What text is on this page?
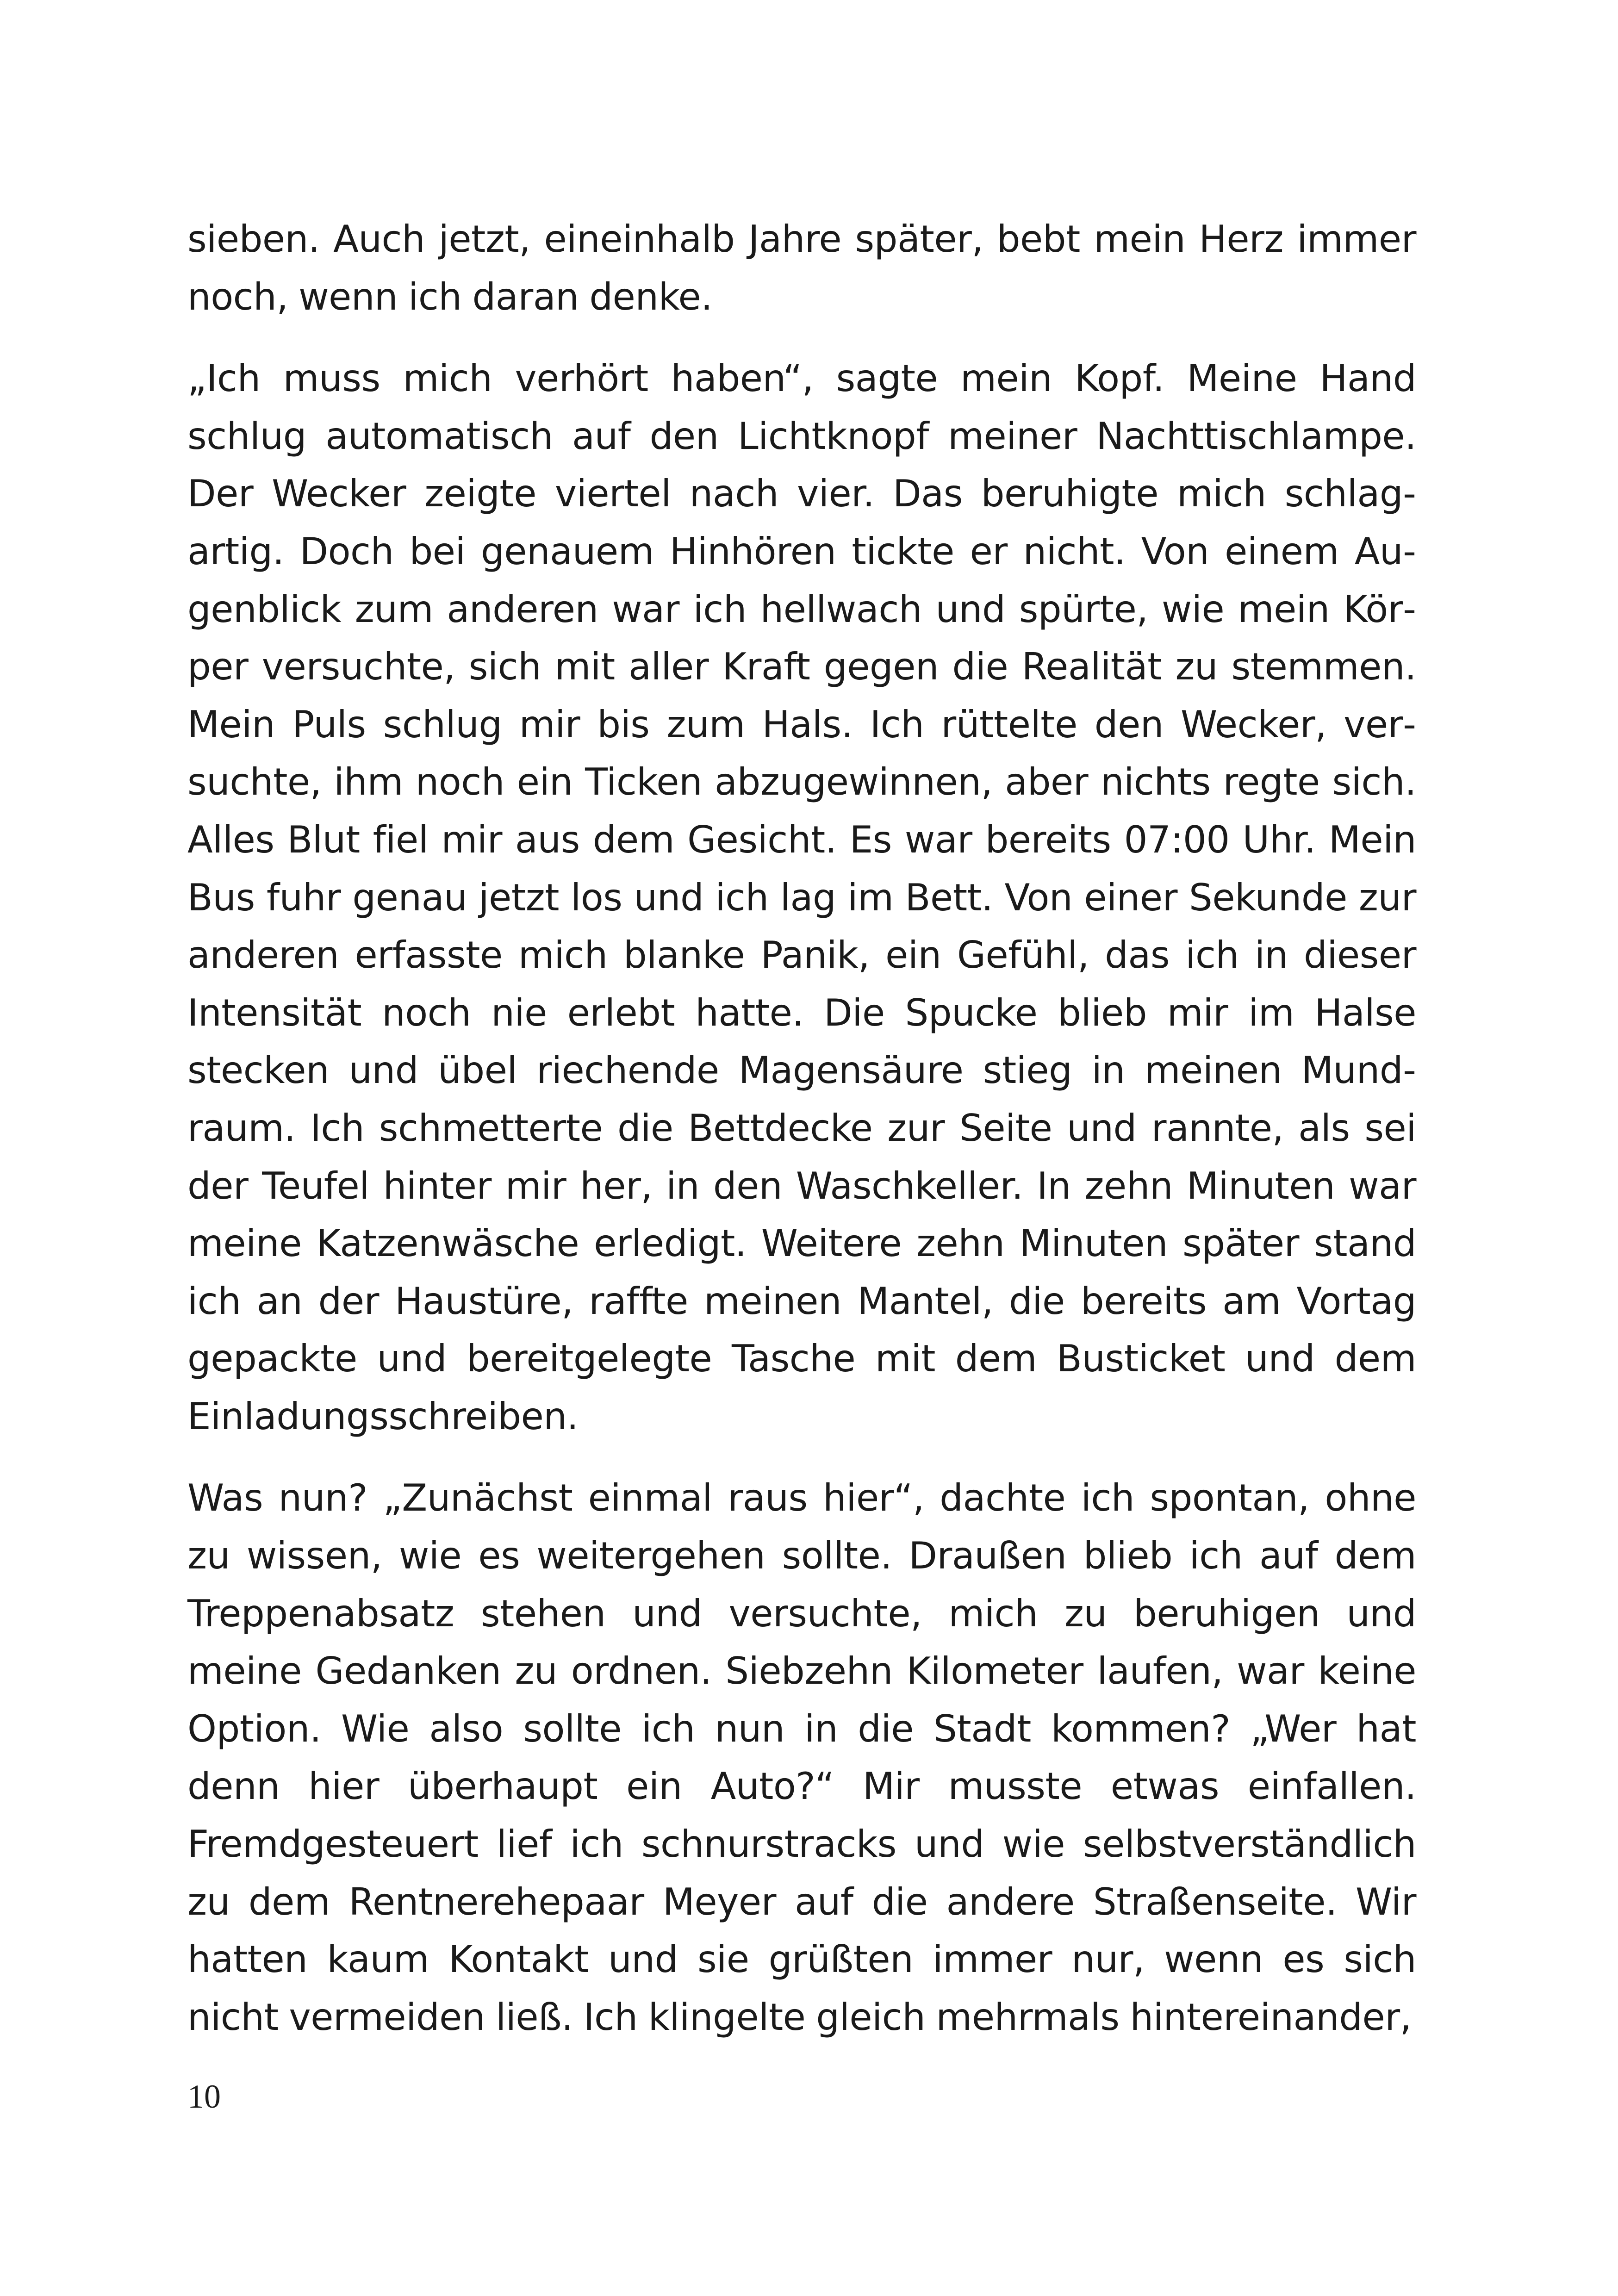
sieben. Auch jetzt, eineinhalb Jahre später, bebt mein Herz immer noch, wenn ich daran denke.

„Ich muss mich verhört haben“, sagte mein Kopf. Meine Hand schlug automatisch auf den Lichtknopf meiner Nachttischlampe. Der Wecker zeigte viertel nach vier. Das beruhigte mich schlagartig. Doch bei genauem Hinhören tickte er nicht. Von einem Augenblick zum anderen war ich hellwach und spürte, wie mein Körper versuchte, sich mit aller Kraft gegen die Realität zu stemmen. Mein Puls schlug mir bis zum Hals. Ich rüttelte den Wecker, versuchte, ihm noch ein Ticken abzugewinnen, aber nichts regte sich. Alles Blut fiel mir aus dem Gesicht. Es war bereits 07:00 Uhr. Mein Bus fuhr genau jetzt los und ich lag im Bett. Von einer Sekunde zur anderen erfasste mich blanke Panik, ein Gefühl, das ich in dieser Intensität noch nie erlebt hatte. Die Spucke blieb mir im Halse stecken und übel riechende Magensäure stieg in meinen Mundraum. Ich schmetterte die Bettdecke zur Seite und rannte, als sei der Teufel hinter mir her, in den Waschkeller. In zehn Minuten war meine Katzenwäsche erledigt. Weitere zehn Minuten später stand ich an der Haustüre, raffte meinen Mantel, die bereits am Vortag gepackte und bereitgelegte Tasche mit dem Busticket und dem Einladungsschreiben.

Was nun? „Zunächst einmal raus hier“, dachte ich spontan, ohne zu wissen, wie es weitergehen sollte. Draußen blieb ich auf dem Treppenabsatz stehen und versuchte, mich zu beruhigen und meine Gedanken zu ordnen. Siebzehn Kilometer laufen, war keine Option. Wie also sollte ich nun in die Stadt kommen? „Wer hat denn hier überhaupt ein Auto?“ Mir musste etwas einfallen. Fremdgesteuert lief ich schnurstracks und wie selbstverständlich zu dem Rentnerehepaar Meyer auf die andere Straßenseite. Wir hatten kaum Kontakt und sie grüßten immer nur, wenn es sich nicht vermeiden ließ. Ich klingelte gleich mehrmals hintereinander,

10
